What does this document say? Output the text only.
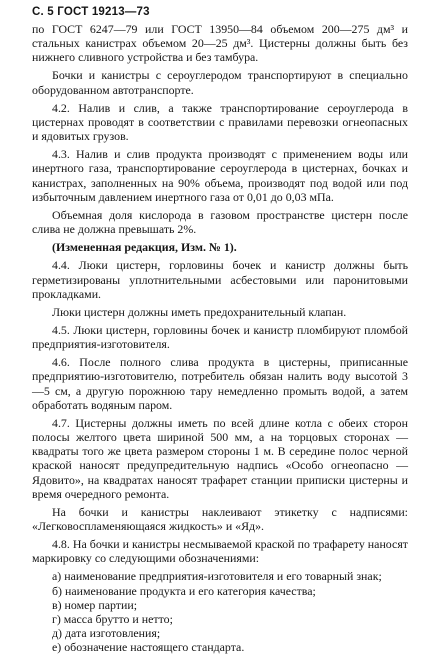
С. 5 ГОСТ 19213—73

по ГОСТ 6247—79 или ГОСТ 13950—84 объемом 200—275 дм³ и стальных канистрах объемом 20—25 дм³. Цистерны должны быть без нижнего сливного устройства и без тамбура.

Бочки и канистры с сероуглеродом транспортируют в специально оборудованном автотранспорте.

4.2. Налив и слив, а также транспортирование сероуглерода в цистернах проводят в соответствии с правилами перевозки огнеопасных и ядовитых грузов.

4.3. Налив и слив продукта производят с применением воды или инертного газа, транспортирование сероуглерода в цистернах, бочках и канистрах, заполненных на 90% объема, производят под водой или под избыточным давлением инертного газа от 0,01 до 0,03 мПа.

Объемная доля кислорода в газовом пространстве цистерн после слива не должна превышать 2%.

(Измененная редакция, Изм. № 1).

4.4. Люки цистерн, горловины бочек и канистр должны быть герметизированы уплотнительными асбестовыми или паронитовыми прокладками.

Люки цистерн должны иметь предохранительный клапан.

4.5. Люки цистерн, горловины бочек и канистр пломбируют пломбой предприятия-изготовителя.

4.6. После полного слива продукта в цистерны, приписанные предприятию-изготовителю, потребитель обязан налить воду высотой 3—5 см, а другую порожнюю тару немедленно промыть водой, а затем обработать водяным паром.

4.7. Цистерны должны иметь по всей длине котла с обеих сторон полосы желтого цвета шириной 500 мм, а на торцовых сторонах — квадраты того же цвета размером стороны 1 м. В середине полос черной краской наносят предупредительную надпись «Особо огнеопасно — Ядовито», на квадратах наносят трафарет станции приписки цистерны и время очередного ремонта.

На бочки и канистры наклеивают этикетку с надписями: «Легковоспламеняющаяся жидкость» и «Яд».

4.8. На бочки и канистры несмываемой краской по трафарету наносят маркировку со следующими обозначениями:

а) наименование предприятия-изготовителя и его товарный знак;

б) наименование продукта и его категория качества;

в) номер партии;

г) масса брутто и нетто;

д) дата изготовления;

е) обозначение настоящего стандарта.
